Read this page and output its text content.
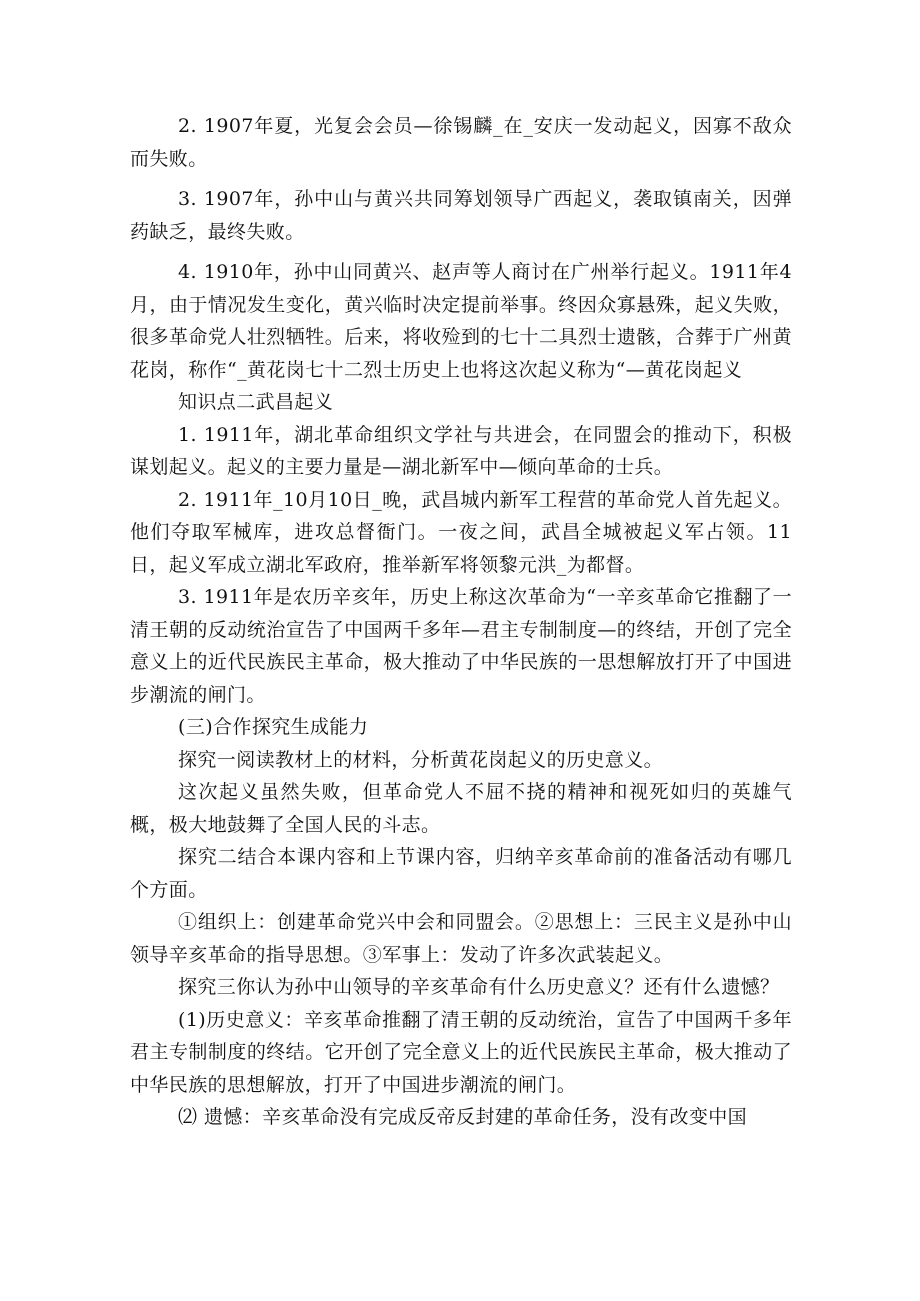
2. 1907年夏，光复会会员—徐锡麟_在_安庆一发动起义，因寡不敌众而失败。

3. 1907年，孙中山与黄兴共同筹划领导广西起义，袭取镇南关，因弹药缺乏，最终失败。

4. 1910年，孙中山同黄兴、赵声等人商讨在广州举行起义。1911年4月，由于情况发生变化，黄兴临时决定提前举事。终因众寡悬殊，起义失败，很多革命党人壮烈牺牲。后来，将收殓到的七十二具烈士遗骸，合葬于广州黄花岗，称作“_黄花岗七十二烈士历史上也将这次起义称为“—黄花岗起义

知识点二武昌起义

1. 1911年，湖北革命组织文学社与共进会，在同盟会的推动下，积极谋划起义。起义的主要力量是—湖北新军中—倾向革命的士兵。

2. 1911年_10月10日_晚，武昌城内新军工程营的革命党人首先起义。他们夺取军械库，进攻总督衙门。一夜之间，武昌全城被起义军占领。11日，起义军成立湖北军政府，推举新军将领黎元洪_为都督。

3. 1911年是农历辛亥年，历史上称这次革命为“一辛亥革命它推翻了一清王朝的反动统治宣告了中国两千多年—君主专制制度—的终结，开创了完全意义上的近代民族民主革命，极大推动了中华民族的一思想解放打开了中国进步潮流的闸门。

(三)合作探究生成能力

探究一阅读教材上的材料，分析黄花岗起义的历史意义。

这次起义虽然失败，但革命党人不屈不挠的精神和视死如归的英雄气概，极大地鼓舞了全国人民的斗志。

探究二结合本课内容和上节课内容，归纳辛亥革命前的准备活动有哪几个方面。

①组织上：创建革命党兴中会和同盟会。②思想上：三民主义是孙中山领导辛亥革命的指导思想。③军事上：发动了许多次武装起义。

探究三你认为孙中山领导的辛亥革命有什么历史意义？还有什么遗憾？

(1)历史意义：辛亥革命推翻了清王朝的反动统治，宣告了中国两千多年君主专制制度的终结。它开创了完全意义上的近代民族民主革命，极大推动了中华民族的思想解放，打开了中国进步潮流的闸门。

⑵ 遗憾：辛亥革命没有完成反帝反封建的革命任务，没有改变中国
